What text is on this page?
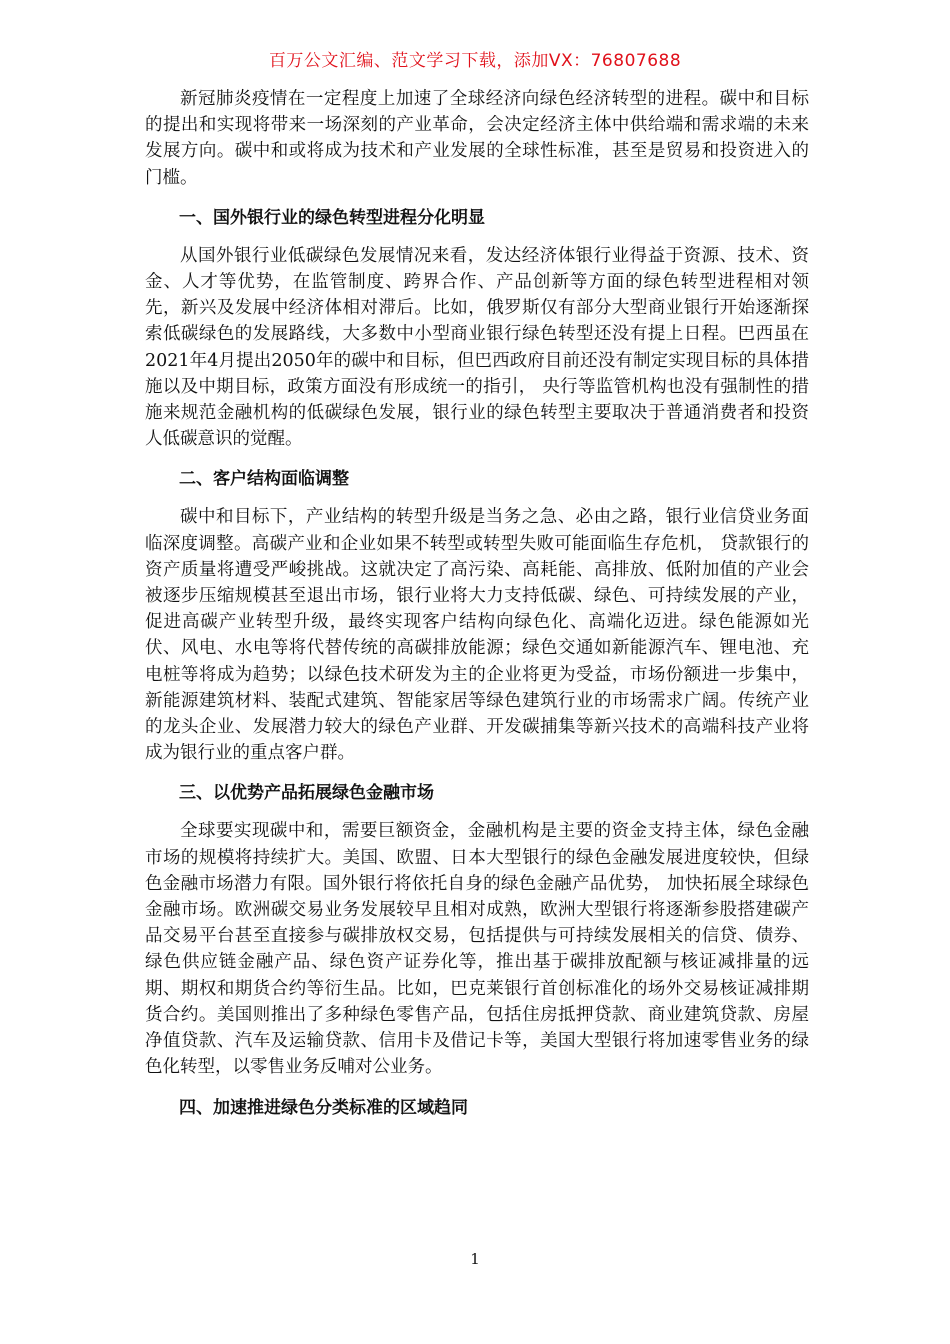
百万公文汇编、范文学习下载，添加VX：76807688

新冠肺炎疫情在一定程度上加速了全球经济向绿色经济转型的进程。碳中和目标的提出和实现将带来一场深刻的产业革命，会决定经济主体中供给端和需求端的未来发展方向。碳中和或将成为技术和产业发展的全球性标准，甚至是贸易和投资进入的门槛。

一、国外银行业的绿色转型进程分化明显

从国外银行业低碳绿色发展情况来看，发达经济体银行业得益于资源、技术、资金、人才等优势，在监管制度、跨界合作、产品创新等方面的绿色转型进程相对领先，新兴及发展中经济体相对滞后。比如，俄罗斯仅有部分大型商业银行开始逐渐探索低碳绿色的发展路线，大多数中小型商业银行绿色转型还没有提上日程。巴西虽在2021年4月提出2050年的碳中和目标，但巴西政府目前还没有制定实现目标的具体措施以及中期目标，政策方面没有形成统一的指引， 央行等监管机构也没有强制性的措施来规范金融机构的低碳绿色发展，银行业的绿色转型主要取决于普通消费者和投资人低碳意识的觉醒。

二、客户结构面临调整

碳中和目标下，产业结构的转型升级是当务之急、必由之路，银行业信贷业务面临深度调整。高碳产业和企业如果不转型或转型失败可能面临生存危机， 贷款银行的资产质量将遭受严峻挑战。这就决定了高污染、高耗能、高排放、低附加值的产业会被逐步压缩规模甚至退出市场，银行业将大力支持低碳、绿色、可持续发展的产业，促进高碳产业转型升级，最终实现客户结构向绿色化、高端化迈进。绿色能源如光伏、风电、水电等将代替传统的高碳排放能源；绿色交通如新能源汽车、锂电池、充电桩等将成为趋势；以绿色技术研发为主的企业将更为受益，市场份额进一步集中，新能源建筑材料、装配式建筑、智能家居等绿色建筑行业的市场需求广阔。传统产业的龙头企业、发展潜力较大的绿色产业群、开发碳捕集等新兴技术的高端科技产业将成为银行业的重点客户群。

三、以优势产品拓展绿色金融市场

全球要实现碳中和，需要巨额资金，金融机构是主要的资金支持主体，绿色金融市场的规模将持续扩大。美国、欧盟、日本大型银行的绿色金融发展进度较快，但绿色金融市场潜力有限。国外银行将依托自身的绿色金融产品优势， 加快拓展全球绿色金融市场。欧洲碳交易业务发展较早且相对成熟，欧洲大型银行将逐渐参股搭建碳产品交易平台甚至直接参与碳排放权交易，包括提供与可持续发展相关的信贷、债券、绿色供应链金融产品、绿色资产证券化等，推出基于碳排放配额与核证减排量的远期、期权和期货合约等衍生品。比如，巴克莱银行首创标准化的场外交易核证减排期货合约。美国则推出了多种绿色零售产品，包括住房抵押贷款、商业建筑贷款、房屋净值贷款、汽车及运输贷款、信用卡及借记卡等，美国大型银行将加速零售业务的绿色化转型，以零售业务反哺对公业务。

四、加速推进绿色分类标准的区域趋同
1
